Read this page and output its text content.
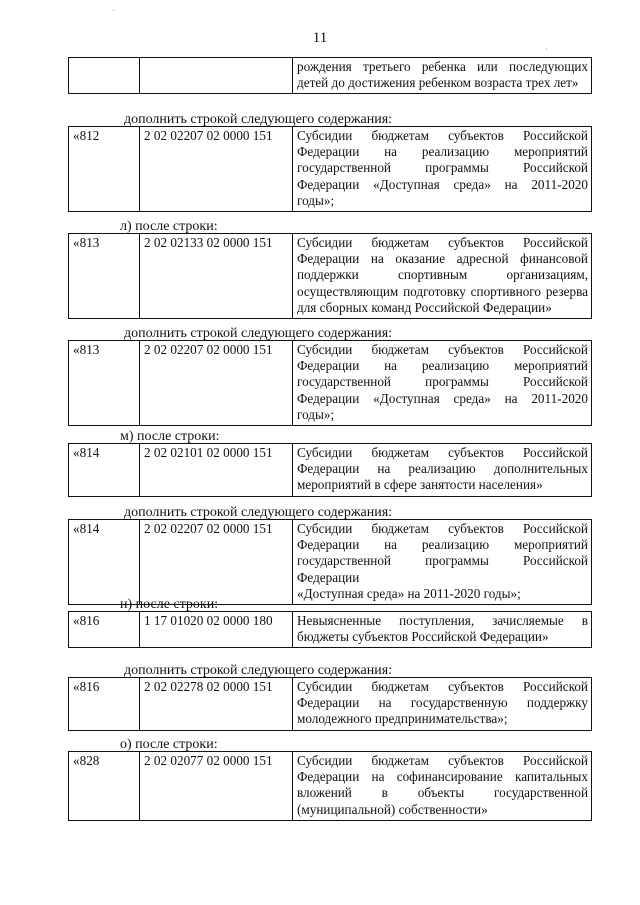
11

рождения третьего ребенка или последующих
детей до достижения ребенком возраста трех лет»
дополнить строкой следующего содержания:
«812	2 02 02207 02 0000 151	Субсидии бюджетам субъектов Российской
Федерации на реализацию мероприятий
государственной программы Российской
Федерации «Доступная среда» на 2011-2020
годы»;
л) после строки:
«813	2 02 02133 02 0000 151	Субсидии бюджетам субъектов Российской
Федерации на оказание адресной финансовой
поддержки спортивным организациям,
осуществляющим подготовку спортивного резерва
для сборных команд Российской Федерации»
дополнить строкой следующего содержания:
«813	2 02 02207 02 0000 151	Субсидии бюджетам субъектов Российской
Федерации на реализацию мероприятий
государственной программы Российской
Федерации «Доступная среда» на 2011-2020
годы»;
м) после строки:
«814	2 02 02101 02 0000 151	Субсидии бюджетам субъектов Российской
Федерации на реализацию дополнительных
мероприятий в сфере занятости населения»
дополнить строкой следующего содержания:
«814	2 02 02207 02 0000 151	Субсидии бюджетам субъектов Российской
Федерации на реализацию мероприятий
государственной программы Российской Федерации
«Доступная среда» на 2011-2020 годы»;
н) после строки:
«816	1 17 01020 02 0000 180	Невыясненные поступления, зачисляемые в
бюджеты субъектов Российской Федерации»
дополнить строкой следующего содержания:
«816	2 02 02278 02 0000 151	Субсидии бюджетам субъектов Российской
Федерации на государственную поддержку
молодежного предпринимательства»;
о) после строки:
«828	2 02 02077 02 0000 151	Субсидии бюджетам субъектов Российской
Федерации на софинансирование капитальных
вложений в объекты государственной
(муниципальной) собственности»
ˋ
·
